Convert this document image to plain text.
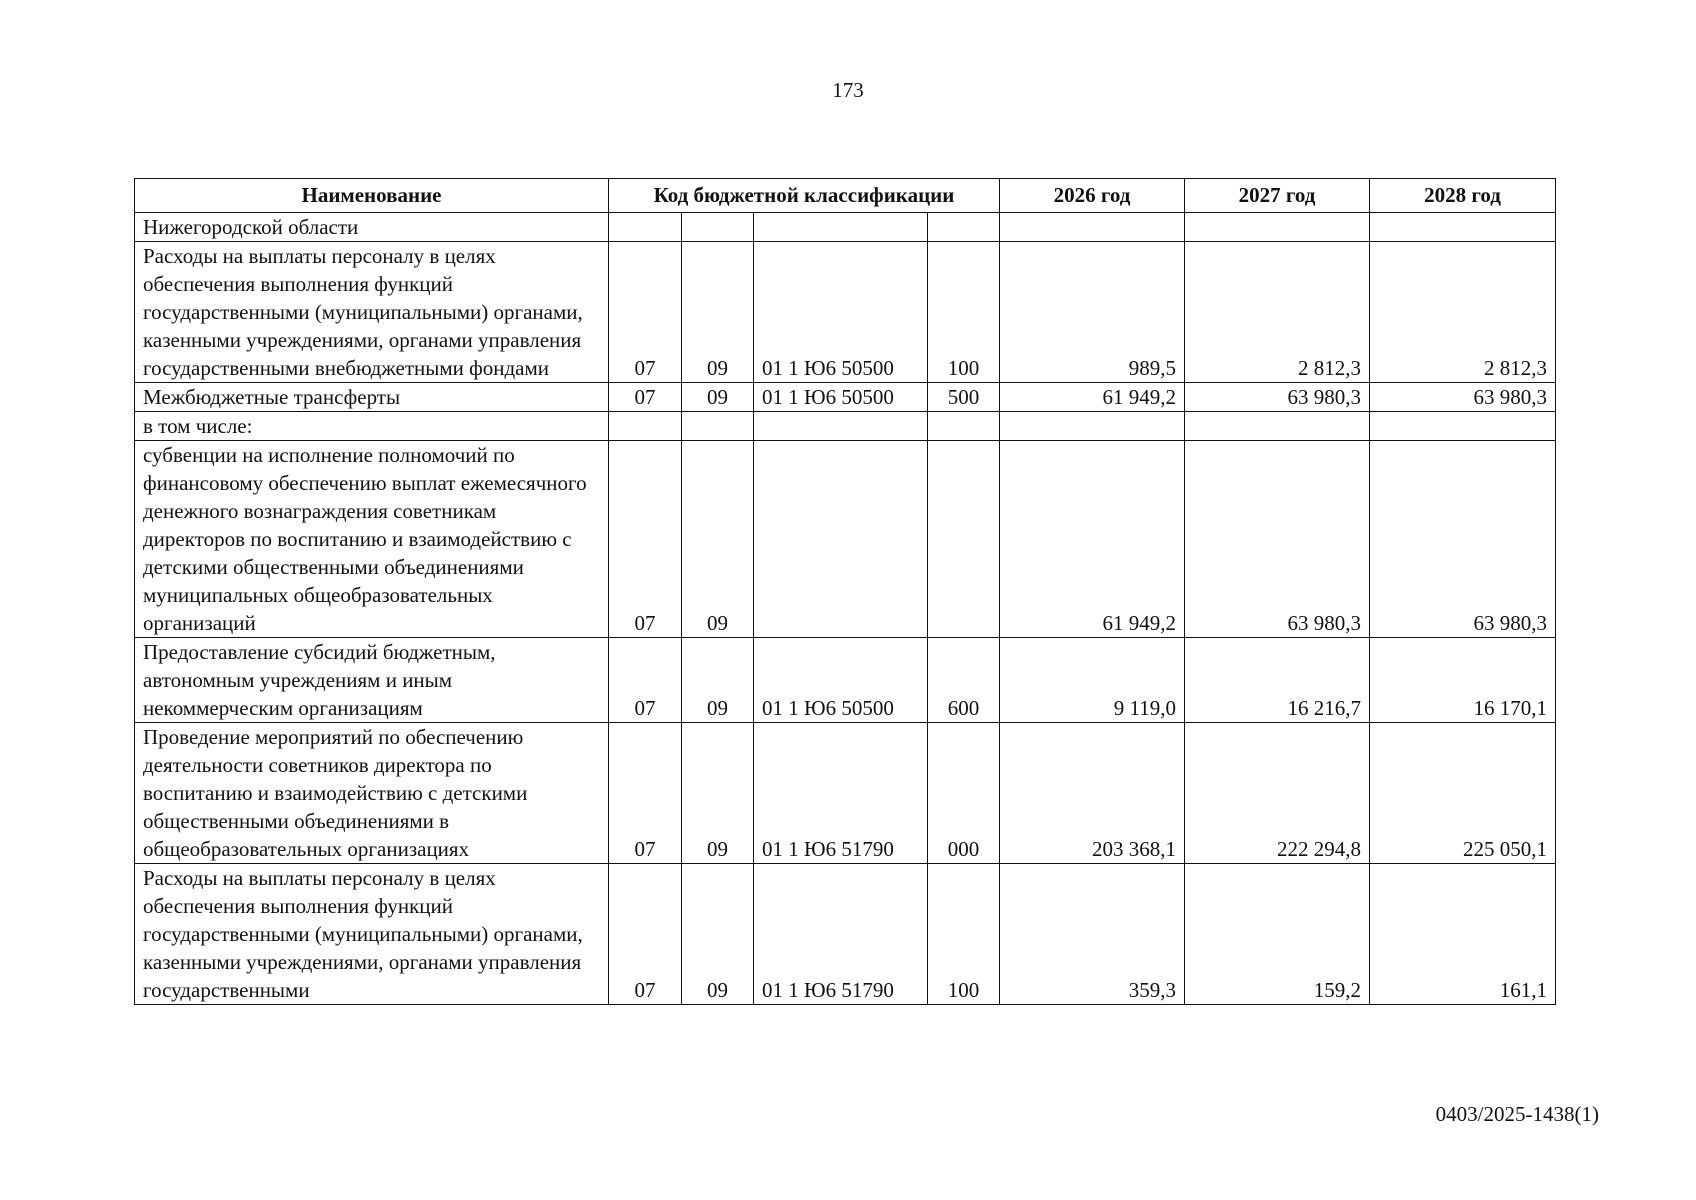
173
Наименование	Код бюджетной классификации				2026 год	2027 год	2028 год
Нижегородской области							
Расходы на выплаты персоналу в целях обеспечения выполнения функций государственными (муниципальными) органами, казенными учреждениями, органами управления государственными внебюджетными фондами	07	09	01 1 Ю6 50500	100	989,5	2 812,3	2 812,3
Межбюджетные трансферты	07	09	01 1 Ю6 50500	500	61 949,2	63 980,3	63 980,3
в том числе:							
субвенции на исполнение полномочий по финансовому обеспечению выплат ежемесячного денежного вознаграждения советникам директоров по воспитанию и взаимодействию с детскими общественными объединениями муниципальных общеобразовательных организаций	07	09			61 949,2	63 980,3	63 980,3
Предоставление субсидий бюджетным, автономным учреждениям и иным некоммерческим организациям	07	09	01 1 Ю6 50500	600	9 119,0	16 216,7	16 170,1
Проведение мероприятий по обеспечению деятельности советников директора по воспитанию и взаимодействию с детскими общественными объединениями в общеобразовательных организациях	07	09	01 1 Ю6 51790	000	203 368,1	222 294,8	225 050,1
Расходы на выплаты персоналу в целях обеспечения выполнения функций государственными (муниципальными) органами, казенными учреждениями, органами управления государственными	07	09	01 1 Ю6 51790	100	359,3	159,2	161,1
0403/2025-1438(1)
